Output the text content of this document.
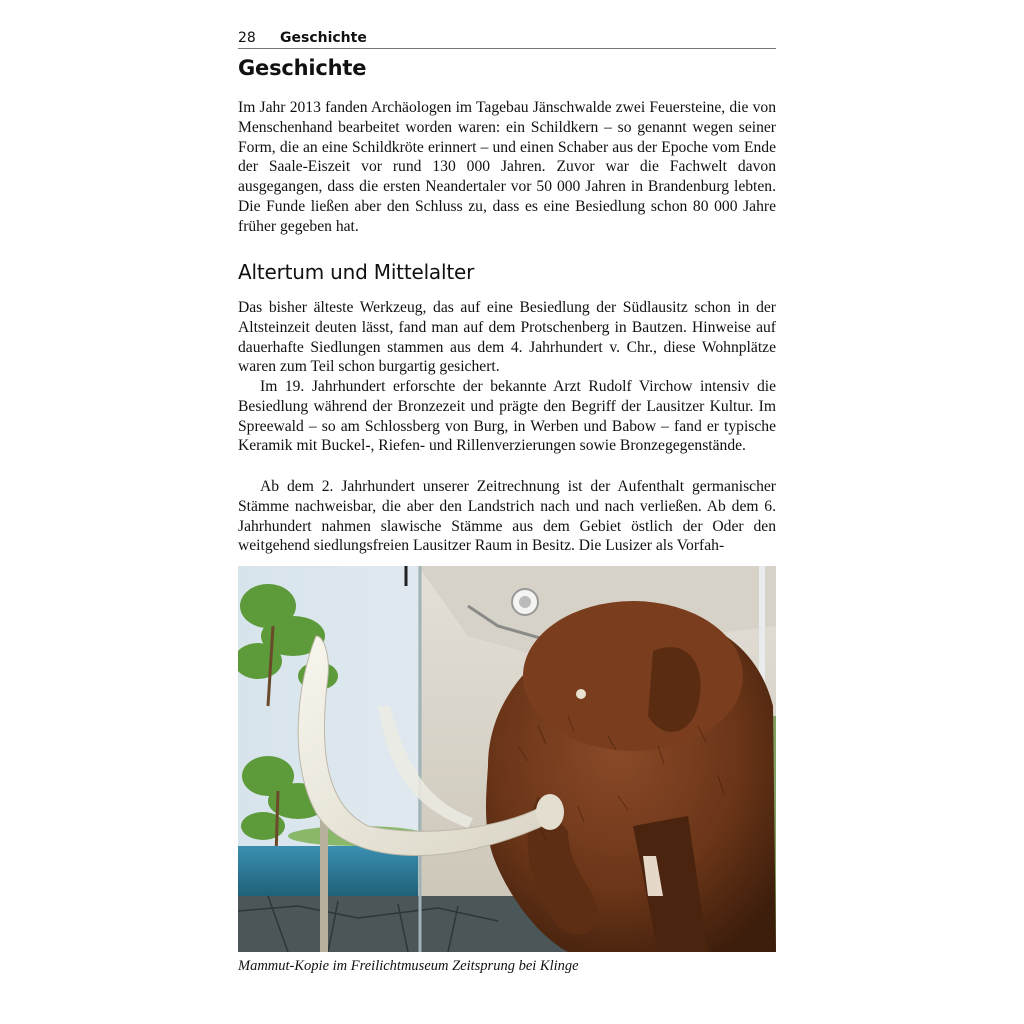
28 Geschichte
Geschichte

Im Jahr 2013 fanden Archäologen im Tagebau Jänschwalde zwei Feuersteine, die von Menschenhand bearbeitet worden waren: ein Schildkern – so genannt wegen seiner Form, die an eine Schildkröte erinnert – und einen Schaber aus der Epoche vom Ende der Saale-Eiszeit vor rund 130 000 Jahren. Zuvor war die Fachwelt davon ausgegangen, dass die ersten Neandertaler vor 50 000 Jahren in Brandenburg lebten. Die Funde ließen aber den Schluss zu, dass es eine Besiedlung schon 80 000 Jahre früher gegeben hat.

Altertum und Mittelalter

Das bisher älteste Werkzeug, das auf eine Besiedlung der Südlausitz schon in der Altsteinzeit deuten lässt, fand man auf dem Protschenberg in Bautzen. Hinweise auf dauerhafte Siedlungen stammen aus dem 4. Jahrhundert v. Chr., diese Wohnplätze waren zum Teil schon burgartig gesichert.

Im 19. Jahrhundert erforschte der bekannte Arzt Rudolf Virchow intensiv die Besiedlung während der Bronzezeit und prägte den Begriff der Lausitzer Kultur. Im Spreewald – so am Schlossberg von Burg, in Werben und Babow – fand er typische Keramik mit Buckel-, Riefen- und Rillenverzierungen sowie Bronzegegenstände.

Ab dem 2. Jahrhundert unserer Zeitrechnung ist der Aufenthalt germanischer Stämme nachweisbar, die aber den Landstrich nach und nach verließen. Ab dem 6. Jahrhundert nahmen slawische Stämme aus dem Gebiet östlich der Oder den weitgehend siedlungsfreien Lausitzer Raum in Besitz. Die Lusizer als Vorfah-

Mammut-Kopie im Freilichtmuseum Zeitsprung bei Klinge
